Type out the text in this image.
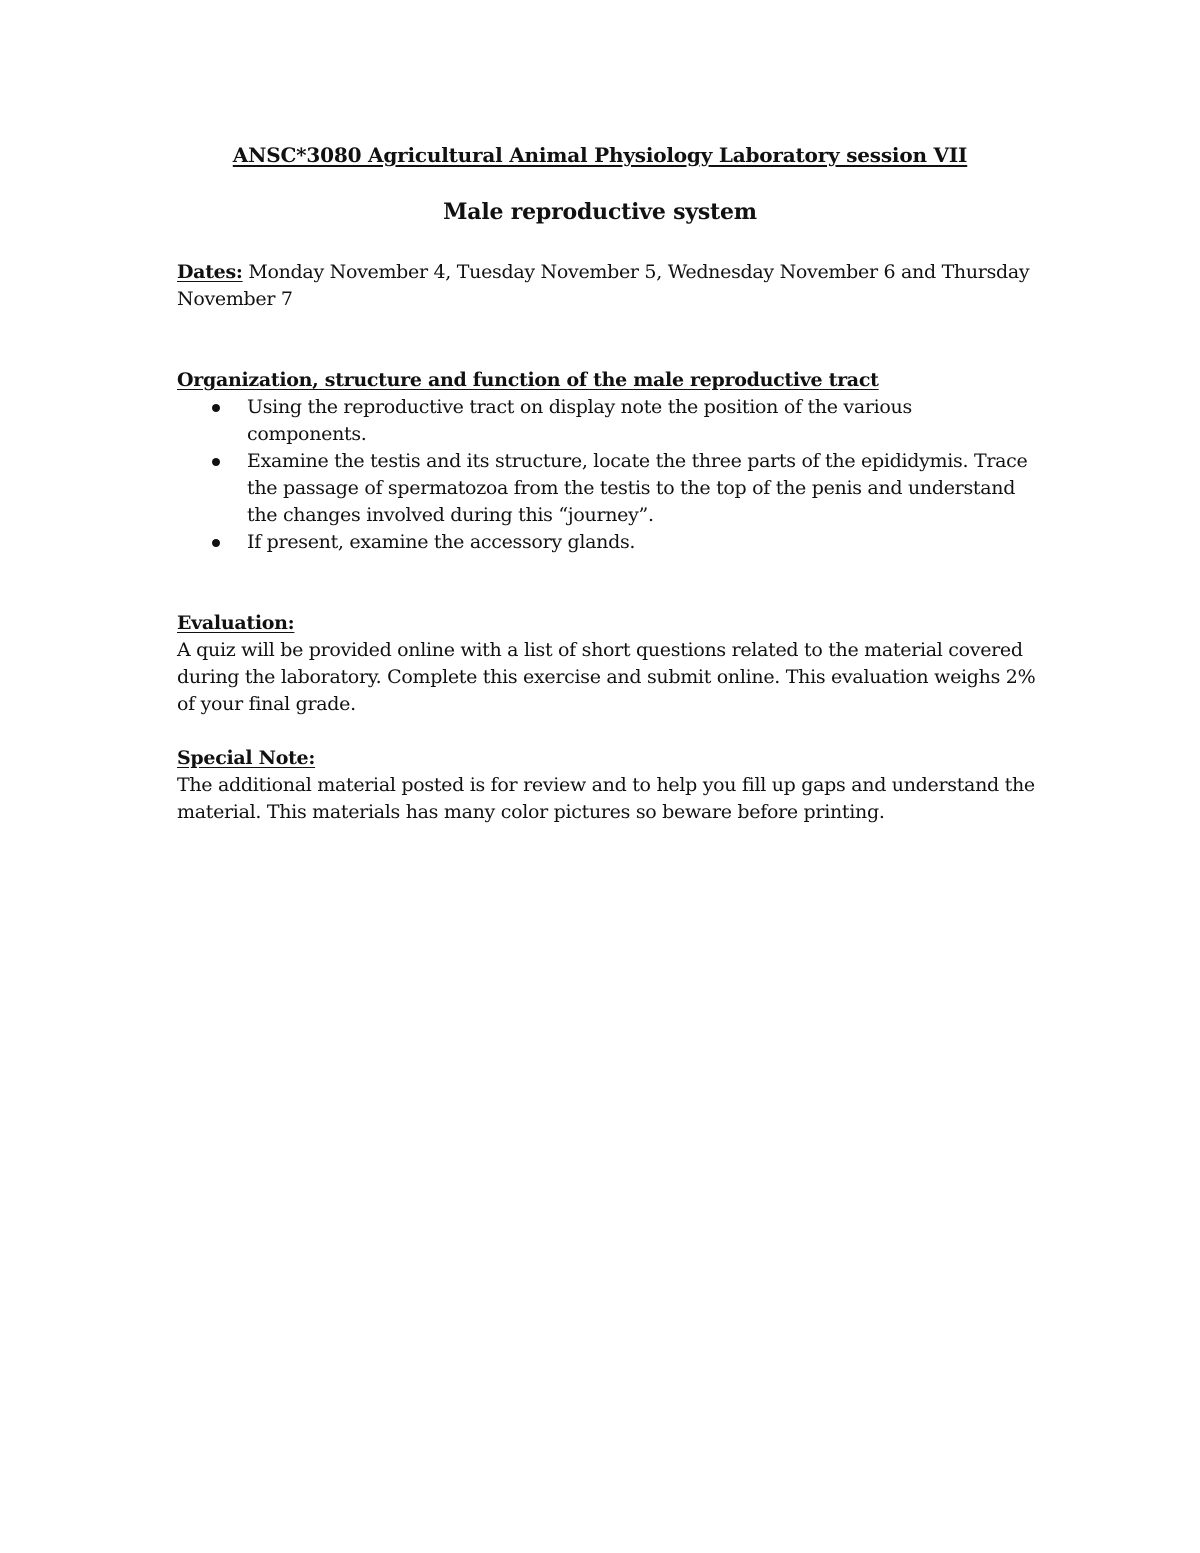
ANSC*3080 Agricultural Animal Physiology Laboratory session VII
Male reproductive system

Dates: Monday November 4, Tuesday November 5, Wednesday November 6 and Thursday November 7

Organization, structure and function of the male reproductive tract

Using the reproductive tract on display note the position of the various components.
Examine the testis and its structure, locate the three parts of the epididymis. Trace the passage of spermatozoa from the testis to the top of the penis and understand the changes involved during this “journey”.
If present, examine the accessory glands.

Evaluation:

A quiz will be provided online with a list of short questions related to the material covered during the laboratory. Complete this exercise and submit online. This evaluation weighs 2% of your final grade.

Special Note:

The additional material posted is for review and to help you fill up gaps and understand the material. This materials has many color pictures so beware before printing.
